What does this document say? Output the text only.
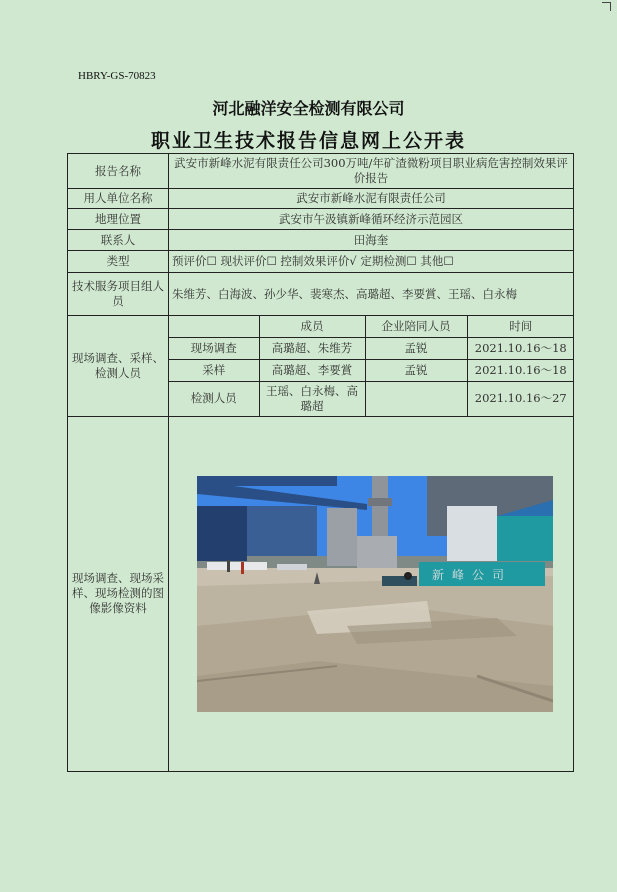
HBRY-GS-70823
河北融洋安全检测有限公司
职业卫生技术报告信息网上公开表
报告名称	武安市新峰水泥有限责任公司300万吨/年矿渣微粉项目职业病危害控制效果评价报告
用人单位名称	武安市新峰水泥有限责任公司
地理位置	武安市午汲镇新峰循环经济示范园区
联系人	田海奎
类型	预评价☐ 现状评价☐ 控制效果评价√ 定期检测☐ 其他☐
技术服务项目组人员	朱维芳、白海波、孙少华、裴寒杰、高璐超、李要賞、王瑶、白永梅
现场调查、采样、检测人员	
	成员	企业陪同人员	时间
现场调查	高璐超、朱维芳	孟锐	2021.10.16～18
采样	高璐超、李要賞	孟锐	2021.10.16～18
检测人员	王瑶、白永梅、高璐超		2021.10.16～27

现场调查、现场采样、现场检测的图像影像资料	
新峰公司
